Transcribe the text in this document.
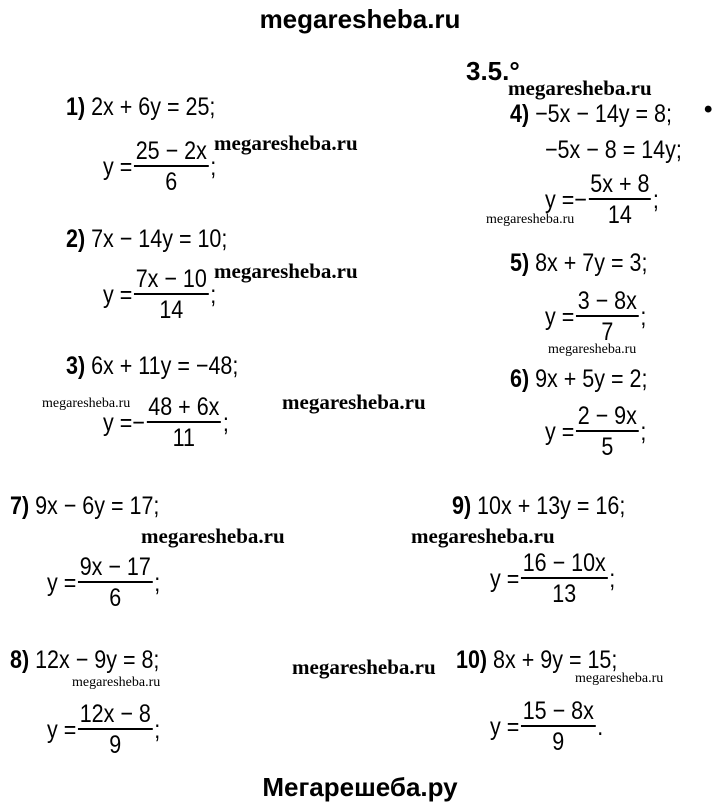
megaresheba.ru
3.5.°
megaresheba.ru
megaresheba.ru
megaresheba.ru
megaresheba.ru
megaresheba.ru	megaresheba.ru
megaresheba.ru
megaresheba.ru
megaresheba.ru
megaresheba.ru
megaresheba.ru	megaresheba.ru
•
1) 2x + 6y = 25;
$y = \frac{25 - 2x}{6}$ ;
2) 7x − 14y = 10;
$y = \frac{7x - 10}{14}$ ;
3) 6x + 11y = −48;
y = − $\frac{48 + 6x}{11}$ ;
4) −5x − 14y = 8;
−5x − 8 = 14y;
y = − $\frac{5x + 8}{14}$ ;
5) 8x + 7y = 3;
$y = \frac{3 - 8x}{7}$ ;
6) 9x + 5y = 2;
$y = \frac{2 - 9x}{5}$ ;
7) 9x − 6y = 17;
$y = \frac{9x - 17}{6}$ ;
8) 12x − 9y = 8;
$y = \frac{12x - 8}{9}$ ;
9) 10x + 13y = 16;
$y = \frac{16 - 10x}{13}$ ;
10) 8x + 9y = 15;
$y = \frac{15 - 8x}{9}$ .
Мегарешеба.ру
